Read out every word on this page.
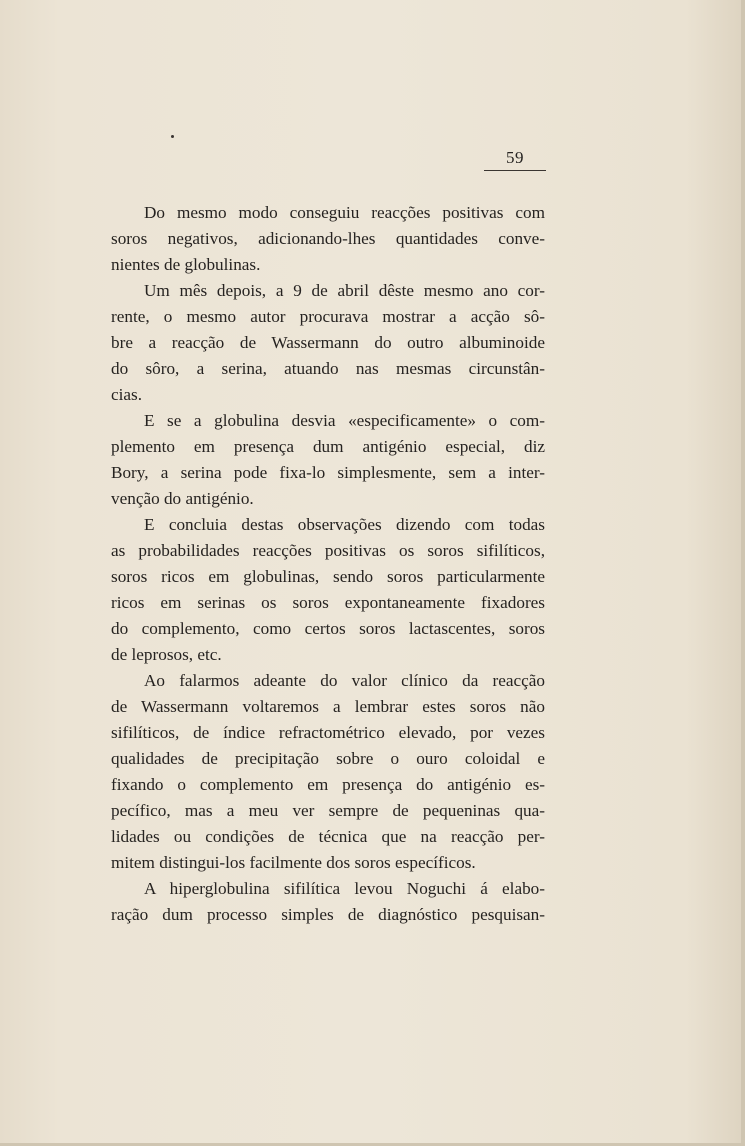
59
Do mesmo modo conseguiu reacções positivas com
soros negativos, adicionando-lhes quantidades conve-
nientes de globulinas.
Um mês depois, a 9 de abril dêste mesmo ano cor-
rente, o mesmo autor procurava mostrar a acção sô-
bre a reacção de Wassermann do outro albuminoide
do sôro, a serina, atuando nas mesmas circunstân-
cias.
E se a globulina desvia «especificamente» o com-
plemento em presença dum antigénio especial, diz
Bory, a serina pode fixa-lo simplesmente, sem a inter-
venção do antigénio.
E concluia destas observações dizendo com todas
as probabilidades reacções positivas os soros sifilíticos,
soros ricos em globulinas, sendo soros particularmente
ricos em serinas os soros expontaneamente fixadores
do complemento, como certos soros lactascentes, soros
de leprosos, etc.
Ao falarmos adeante do valor clínico da reacção
de Wassermann voltaremos a lembrar estes soros não
sifilíticos, de índice refractométrico elevado, por vezes
qualidades de precipitação sobre o ouro coloidal e
fixando o complemento em presença do antigénio es-
pecífico, mas a meu ver sempre de pequeninas qua-
lidades ou condições de técnica que na reacção per-
mitem distingui-los facilmente dos soros específicos.
A hiperglobulina sifilítica levou Noguchi á elabo-
ração dum processo simples de diagnóstico pesquisan-
